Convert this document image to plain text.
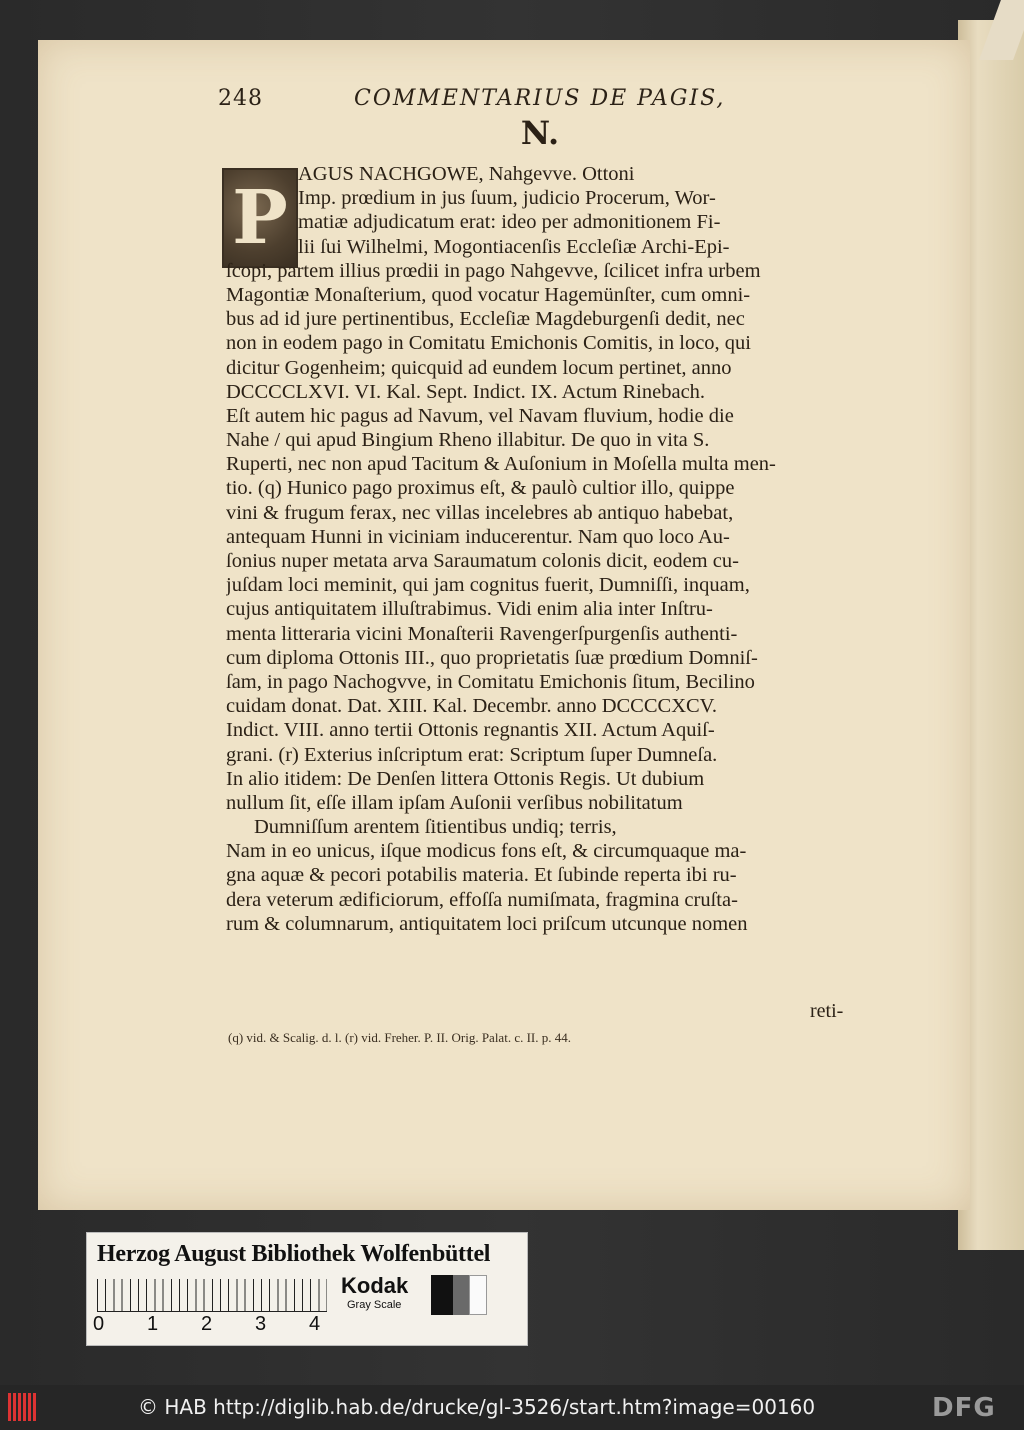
248	COMMENTARIUS DE PAGIS,
N.
P
AGUS NACHGOWE, Nahgevve. Ottoni
Imp. prœdium in jus ſuum, judicio Procerum, Wor-
matiæ adjudicatum erat: ideo per admonitionem Fi-
lii ſui Wilhelmi, Mogontiacenſis Eccleſiæ Archi-Epi-
ſcopi, partem illius prœdii in pago Nahgevve, ſcilicet infra urbem
Magontiæ Monaſterium, quod vocatur Hagemünſter, cum omni-
bus ad id jure pertinentibus, Eccleſiæ Magdeburgenſi dedit, nec
non in eodem pago in Comitatu Emichonis Comitis, in loco, qui
dicitur Gogenheim; quicquid ad eundem locum pertinet, anno
DCCCCLXVI. VI. Kal. Sept. Indict. IX. Actum Rinebach.
Eſt autem hic pagus ad Navum, vel Navam fluvium, hodie die
Nahe / qui apud Bingium Rheno illabitur. De quo in vita S.
Ruperti, nec non apud Tacitum & Auſonium in Moſella multa men-
tio. (q) Hunico pago proximus eſt, & paulò cultior illo, quippe
vini & frugum ferax, nec villas incelebres ab antiquo habebat,
antequam Hunni in viciniam inducerentur. Nam quo loco Au-
ſonius nuper metata arva Saraumatum colonis dicit, eodem cu-
juſdam loci meminit, qui jam cognitus fuerit, Dumniſſi, inquam,
cujus antiquitatem illuſtrabimus. Vidi enim alia inter Inſtru-
menta litteraria vicini Monaſterii Ravengerſpurgenſis authenti-
cum diploma Ottonis III., quo proprietatis ſuæ prœdium Domniſ-
ſam, in pago Nachogvve, in Comitatu Emichonis ſitum, Becilino
cuidam donat. Dat. XIII. Kal. Decembr. anno DCCCCXCV.
Indict. VIII. anno tertii Ottonis regnantis XII. Actum Aquiſ-
grani. (r) Exterius inſcriptum erat: Scriptum ſuper Dumneſa.
In alio itidem: De Denſen littera Ottonis Regis. Ut dubium
nullum ſit, eſſe illam ipſam Auſonii verſibus nobilitatum
Dumniſſum arentem ſitientibus undiq; terris,
Nam in eo unicus, iſque modicus fons eſt, & circumquaque ma-
gna aquæ & pecori potabilis materia. Et ſubinde reperta ibi ru-
dera veterum ædificiorum, effoſſa numiſmata, fragmina cruſta-
rum & columnarum, antiquitatem loci priſcum utcunque nomen
reti-
(q) vid. & Scalig. d. l. (r) vid. Freher. P. II. Orig. Palat. c. II. p. 44.
Herzog August Bibliothek Wolfenbüttel
0 1 2 3 4
Kodak
Gray Scale
© HAB http://diglib.hab.de/drucke/gl-3526/start.htm?image=00160	DFG
